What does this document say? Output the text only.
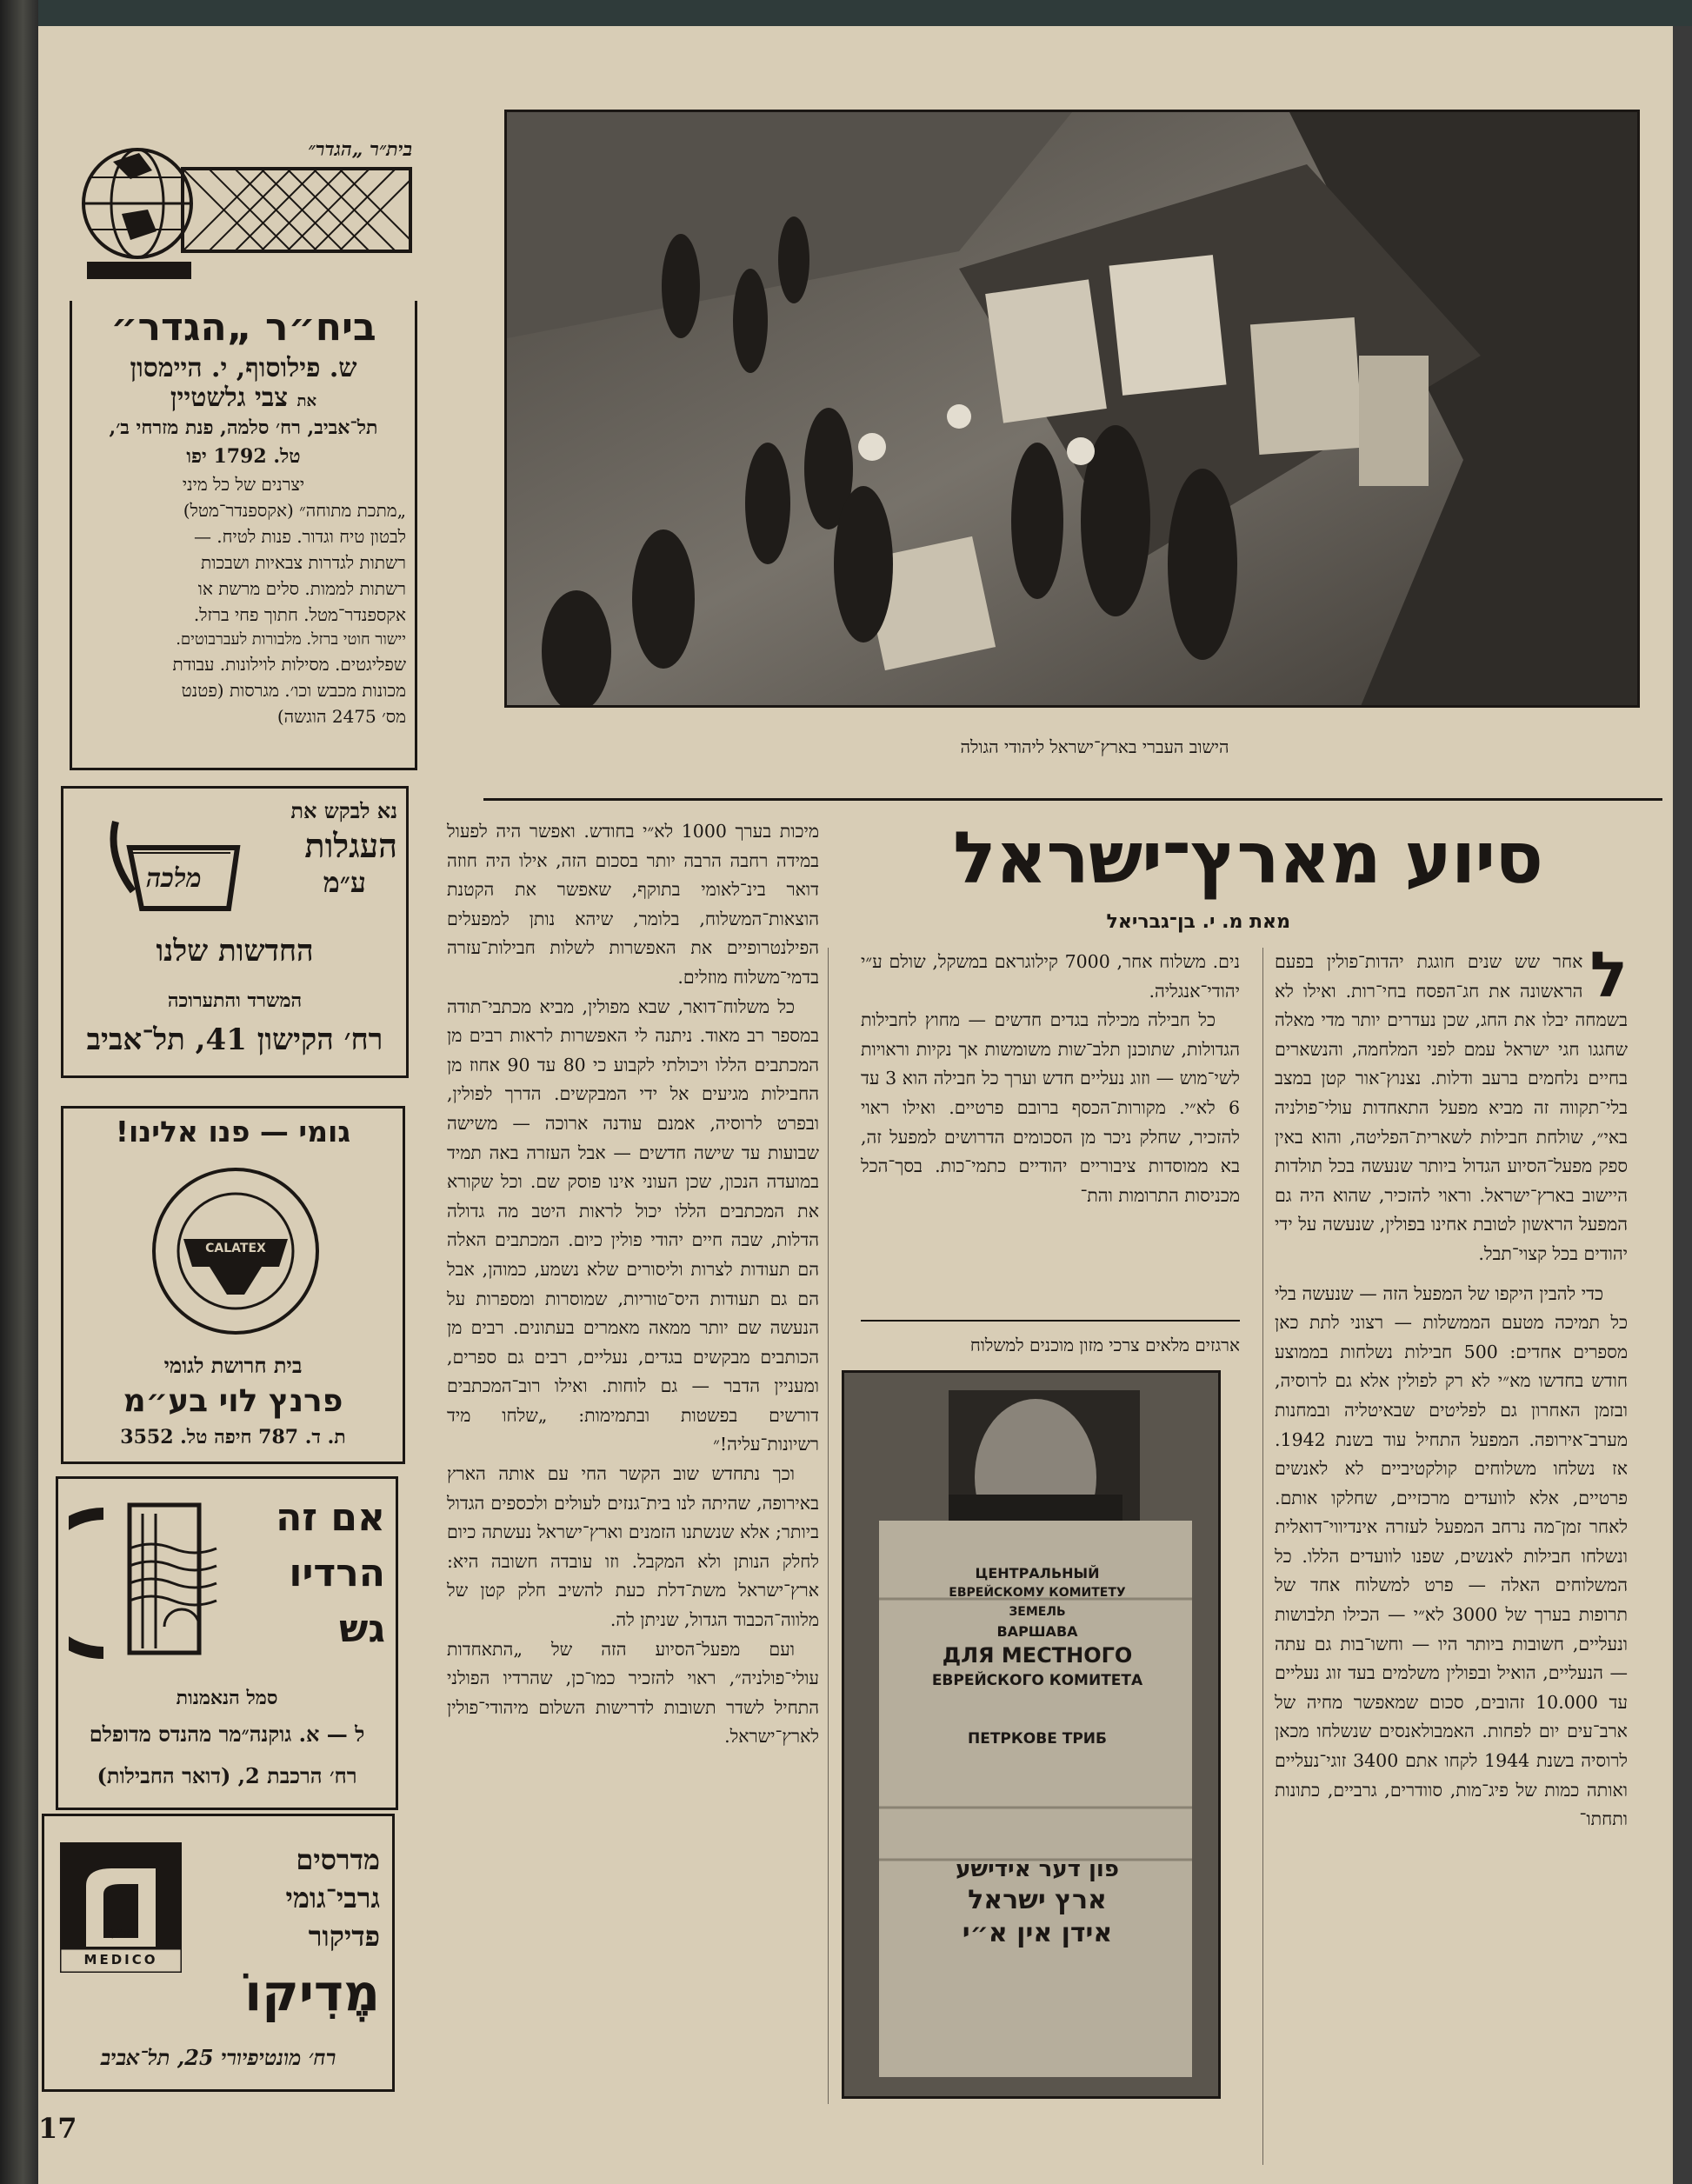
בית״ר „הגדר״
ביח״ר „הגדר״
ש. פילוסוף, י. היימסון
את צבי גלשטיין
תל־אביב, רח׳ סלמה, פנת מזרחי ב׳,
טל. 1792 יפו
יצרנים של כל מיני
„מתכת מתוחה״ (אקספנדר־מטל)
לבטון טיח וגדור. פנות לטיח. —
רשתות לגדרות צבאיות ושבכות
רשתות לממות. סלים מרשת או
אקספנדר־מטל. חתוך פחי ברזל.
יישור חוטי ברזל. מלבורות לעברבוטים.
שפליגטים. מסילות לוילונות. עבודת
מכונות מכבש וכו׳. מגרסות (פטנט
מס׳ 2475 הוגשה)
נא לבקש את
העגלות
ע״מ
מלכה
החדשות שלנו
המשרד והתערוכה
רח׳ הקישון 41, תל־אביב
גומי — פנו אלינו!
CALATEX
בית חרושת לגומי
פרנץ לוי בע״מ
ת. ד. 787 חיפה טל. 3552
אם זה
הרדיו
גש
סמל הנאמנות
ל — א. גוקנה״מר מהנדס מדופלם
רח׳ הרכבת 2, (דואר החבילות)
מדיקו
MEDICO
מדרסים
גרבי־גומי
פדיקור
מֶדִיקוֹ
רח׳ מונטיפיורי 25, תל־אביב
17
הישוב העברי בארץ־ישראל ליהודי הגולה
סיוע מארץ־ישראל
מאת מ. י. בן־גבריאל
ל

אחר שש שנים חוגגת יהדות־פולין בפעם הראשונה את חג־הפסח בחי־רות. ואילו לא בשמחה יבלו את החג, שכן נעדרים יותר מדי מאלה שחגגו חגי ישראל עמם לפני המלחמה, והנשארים בחיים נלחמים ברעב ודלות. נצנוץ־אור קטן במצב בלי־תקווה זה מביא מפעל התאחדות עולי־פולניה באי״, שולחת חבילות לשארית־הפליטה, והוא באין ספק מפעל־הסיוע הגדול ביותר שנעשה בכל תולדות היישוב בארץ־ישראל. וראוי להזכיר, שהוא היה גם המפעל הראשון לטובת אחינו בפולין, שנעשה על ידי יהודים בכל קצוי־תבל.

כדי להבין היקפו של המפעל הזה — שנעשה בלי כל תמיכה מטעם הממשלות — רצוני לתת כאן מספרים אחדים: 500 חבילות נשלחות בממוצע חודש בחדשו מא״י לא רק לפולין אלא גם לרוסיה, ובזמן האחרון גם לפליטים שבאיטליה ובמחנות מערב־אירופה. המפעל התחיל עוד בשנת 1942. אז נשלחו משלוחים קולקטיביים לא לאנשים פרטיים, אלא לוועדים מרכזיים, שחלקו אותם. לאחר זמן־מה נרחב המפעל לעזרה אינדיווי־דואלית ונשלחו חבילות לאנשים, שפנו לוועדים הללו. כל המשלוחים האלה — פרט למשלוח אחד של תרופות בערך של 3000 לא״י — הכילו תלבושות ונעליים, חשובות ביותר היו — וחשו־בות גם עתה — הנעליים, הואיל ובפולין משלמים בעד זוג נעליים עד 10.000 זהובים, סכום שמאפשר מחיה של ארב־עים יום לפחות. האמבולאנסים שנשלחו מכאן לרוסיה בשנת 1944 לקחו אתם 3400 זוגי־נעליים ואותה כמות של פיג־מות, סוודרים, גרביים, כתונות ותחתו־

נים. משלוח אחר, 7000 קילוגראם במשקל, שולם ע״י יהודי־אנגליה.

כל חבילה מכילה בגדים חדשים — מחוץ לחבילות הגדולות, שתוכנן תלב־שות משומשות אך נקיות וראויות לשי־מוש — וזוג נעליים חדש וערך כל חבילה הוא 3 עד 6 לא״י. מקורות־הכסף ברובם פרטיים. ואילו ראוי להזכיר, שחלק ניכר מן הסכומים הדרושים למפעל זה, בא ממוסדות ציבוריים יהודיים כתמי־כות. בסך־הכל מכניסות התרומות והת־

ארגזים מלאים צרכי מזון מוכנים למשלוח
ЦЕНТРАЛЬНЫЙ
ЕВРЕЙСКОМУ КОМИТЕТУ
ЗЕМЕЛЬ
ВАРШАВА
ДЛЯ МЕСТНОГО
ЕВРЕЙСКОГО КОМИТЕТА
ПЕТРКОВЕ ТРИБ
פון דער אידישע
ארץ ישראל
אידן אין א״י

מיכות בערך 1000 לא״י בחודש. ואפשר היה לפעול במידה רחבה הרבה יותר בסכום הזה, אילו היה חוזה דואר בינ־לאומי בתוקף, שאפשר את הקטנת הוצאות־המשלוח, בלומר, שיהא נותן למפעלים הפילנטרופיים את האפשרות לשלות חבילות־עזרה בדמי־משלוח מוזלים.

כל משלוח־דואר, שבא מפולין, מביא מכתבי־תודה במספר רב מאוד. ניתנה לי האפשרות לראות רבים מן המכתבים הללו ויכולתי לקבוע כי 80 עד 90 אחוז מן החבילות מגיעים אל ידי המבקשים. הדרך לפולין, ובפרט לרוסיה, אמנם עודנה ארוכה — משישה שבועות עד שישה חדשים — אבל העזרה באה תמיד במועדה הנכון, שכן העוני אינו פוסק שם. וכל שקורא את המכתבים הללו יכול לראות היטב מה גדולה הדלות, שבה חיים יהודי פולין כיום. המכתבים האלה הם תעודות לצרות וליסורים שלא נשמע, כמוהן, אבל הם גם תעודות היס־טוריות, שמוסרות ומספרות על הנעשה שם יותר ממאה מאמרים בעתונים. רבים מן הכותבים מבקשים בגדים, נעליים, רבים גם ספרים, ומעניין הדבר — גם לוחות. ואילו רוב־המכתבים דורשים בפשטות ובתמימות: „שלחו מיד רשיונות־עליה!״

וכך נתחדש שוב הקשר החי עם אותה הארץ באירופה, שהיתה לנו בית־גנזים לעולים ולכספים הגדול ביותר; אלא שנשתנו הזמנים וארץ־ישראל נעשתה כיום לחלק הנותן ולא המקבל. וזו עובדה חשובה היא: ארץ־ישראל משת־דלת כעת להשיב חלק קטן של מלווה־הכבוד הגדול, שניתן לה.

ועם מפעל־הסיוע הזה של „התאחדות עולי־פולניה״, ראוי להזכיר כמו־כן, שהרדיו הפולני התחיל לשדר תשובות לדרישות השלום מיהודי־פולין לארץ־ישראל.
